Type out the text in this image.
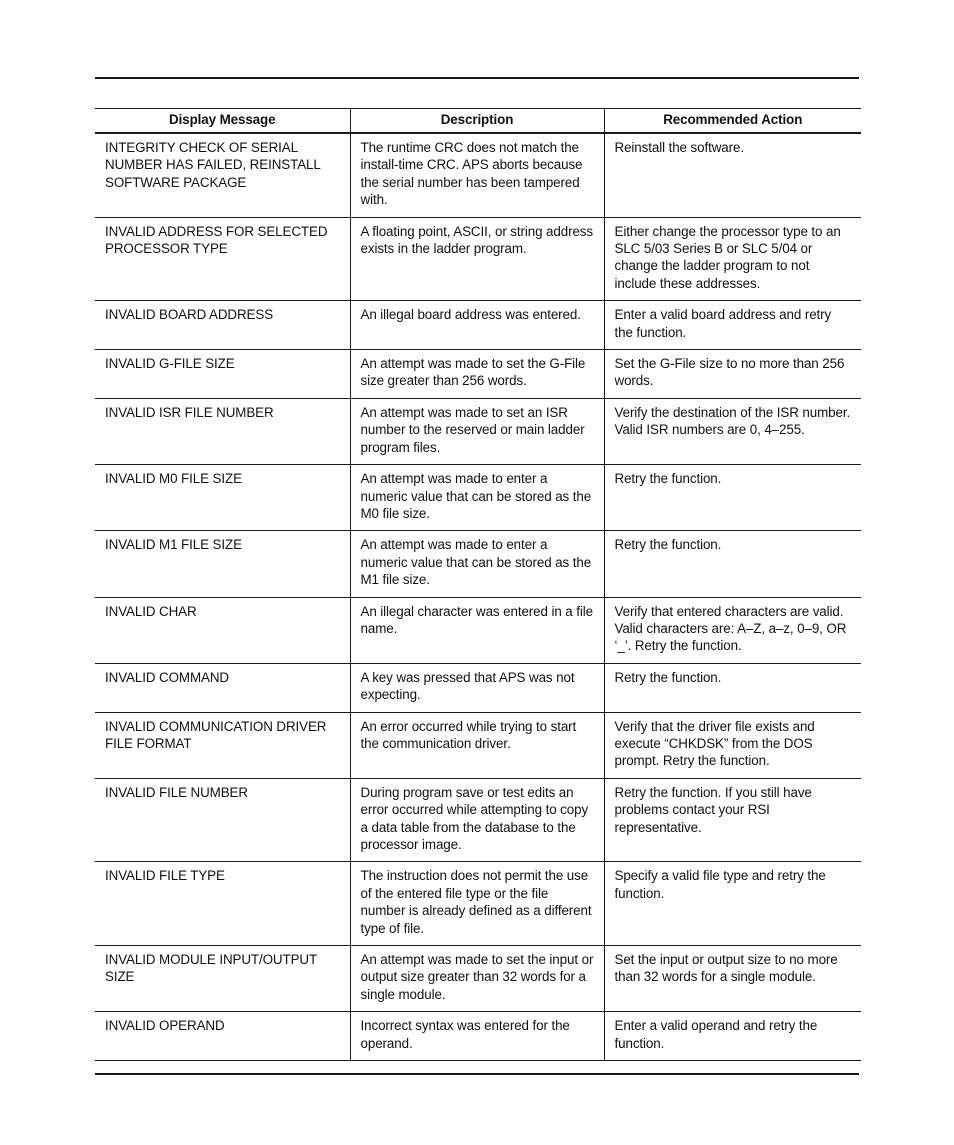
Display Message	Description	Recommended Action
INTEGRITY CHECK OF SERIAL NUMBER HAS FAILED, REINSTALL SOFTWARE PACKAGE	The runtime CRC does not match the install-time CRC. APS aborts because the serial number has been tampered with.	Reinstall the software.
INVALID ADDRESS FOR SELECTED PROCESSOR TYPE	A floating point, ASCII, or string address exists in the ladder program.	Either change the processor type to an SLC 5/03 Series B or SLC 5/04 or change the ladder program to not include these addresses.
INVALID BOARD ADDRESS	An illegal board address was entered.	Enter a valid board address and retry the function.
INVALID G-FILE SIZE	An attempt was made to set the G-File size greater than 256 words.	Set the G-File size to no more than 256 words.
INVALID ISR FILE NUMBER	An attempt was made to set an ISR number to the reserved or main ladder program files.	Verify the destination of the ISR number. Valid ISR numbers are 0, 4–255.
INVALID M0 FILE SIZE	An attempt was made to enter a numeric value that can be stored as the M0 file size.	Retry the function.
INVALID M1 FILE SIZE	An attempt was made to enter a numeric value that can be stored as the M1 file size.	Retry the function.
INVALID CHAR	An illegal character was entered in a file name.	Verify that entered characters are valid. Valid characters are: A–Z, a–z, 0–9, OR ‘_’. Retry the function.
INVALID COMMAND	A key was pressed that APS was not expecting.	Retry the function.
INVALID COMMUNICATION DRIVER FILE FORMAT	An error occurred while trying to start the communication driver.	Verify that the driver file exists and execute “CHKDSK” from the DOS prompt. Retry the function.
INVALID FILE NUMBER	During program save or test edits an error occurred while attempting to copy a data table from the database to the processor image.	Retry the function. If you still have problems contact your RSI representative.
INVALID FILE TYPE	The instruction does not permit the use of the entered file type or the file number is already defined as a different type of file.	Specify a valid file type and retry the function.
INVALID MODULE INPUT/OUTPUT SIZE	An attempt was made to set the input or output size greater than 32 words for a single module.	Set the input or output size to no more than 32 words for a single module.
INVALID OPERAND	Incorrect syntax was entered for the operand.	Enter a valid operand and retry the function.
